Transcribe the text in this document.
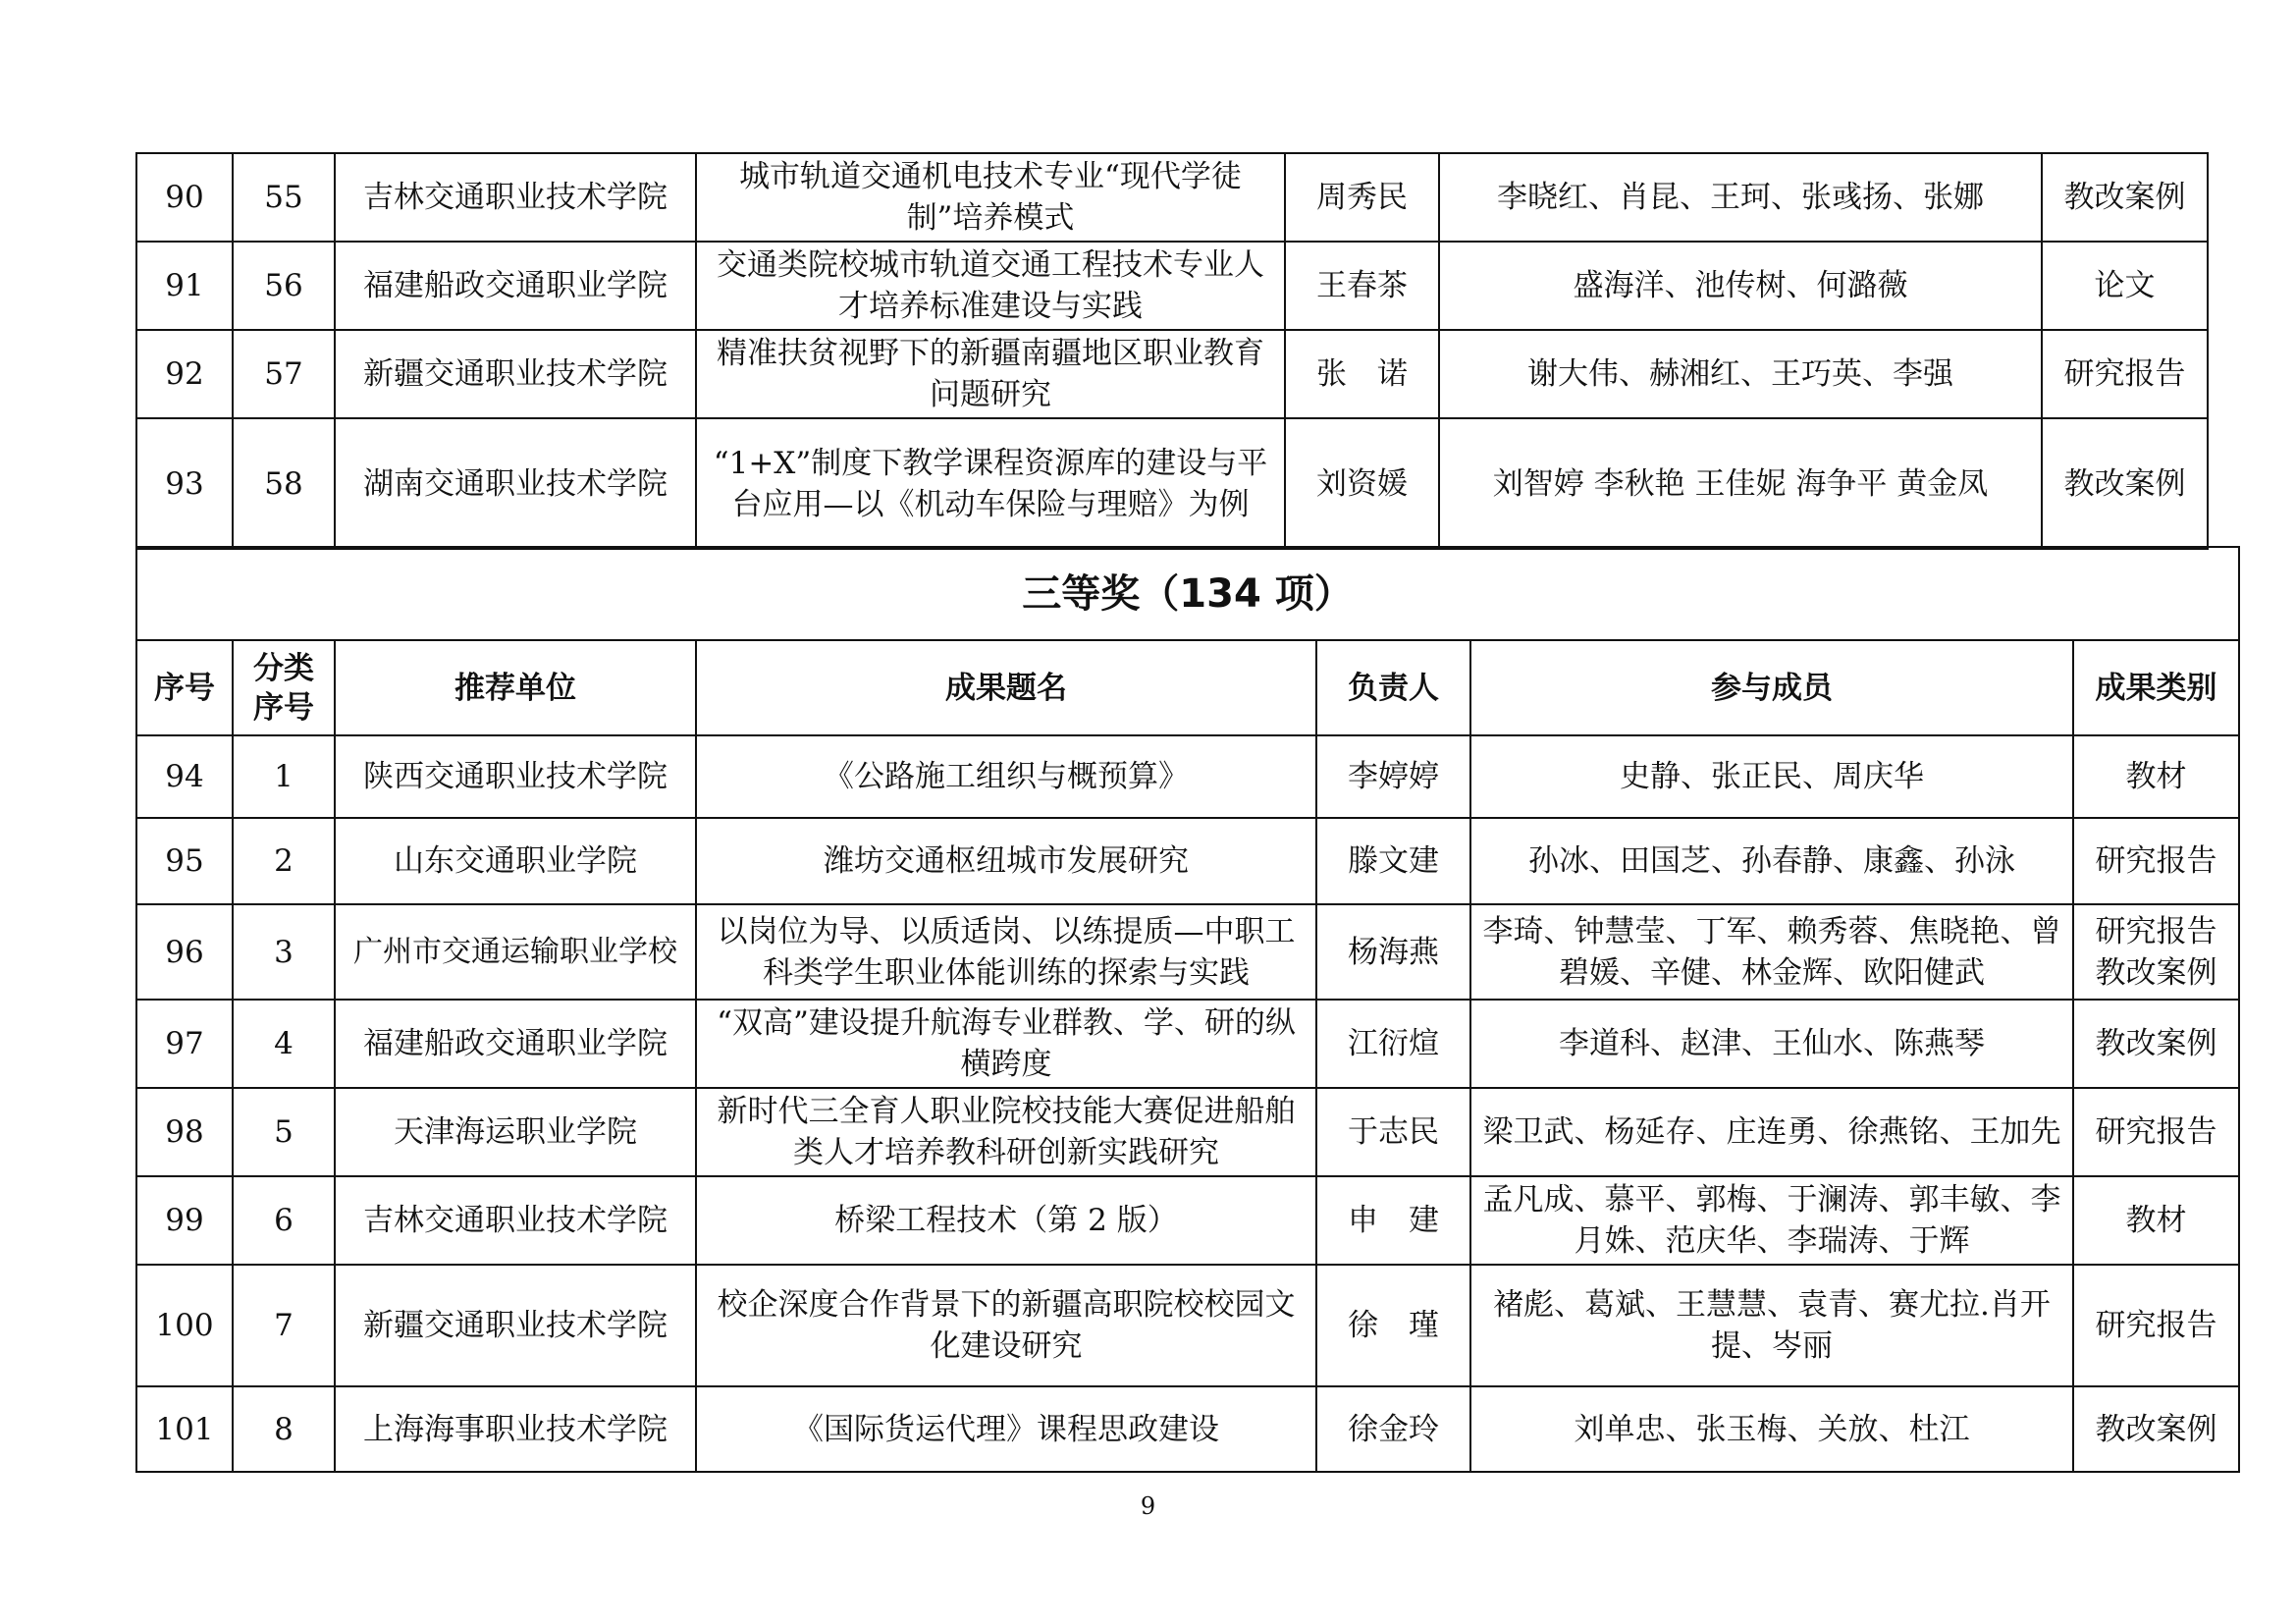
90	55	吉林交通职业技术学院	城市轨道交通机电技术专业“现代学徒制”培养模式	周秀民	李晓红、肖昆、王珂、张彧扬、张娜	教改案例
91	56	福建船政交通职业学院	交通类院校城市轨道交通工程技术专业人才培养标准建设与实践	王春茶	盛海洋、池传树、何潞薇	论文
92	57	新疆交通职业技术学院	精准扶贫视野下的新疆南疆地区职业教育问题研究	张　诺	谢大伟、赫湘红、王巧英、李强	研究报告
93	58	湖南交通职业技术学院	“1+X”制度下教学课程资源库的建设与平台应用—以《机动车保险与理赔》为例	刘资媛	刘智婷 李秋艳 王佳妮 海争平 黄金凤	教改案例
三等奖（134 项）						
序号	分类序号	推荐单位	成果题名	负责人	参与成员	成果类别
94	1	陕西交通职业技术学院	《公路施工组织与概预算》	李婷婷	史静、张正民、周庆华	教材
95	2	山东交通职业学院	潍坊交通枢纽城市发展研究	滕文建	孙冰、田国芝、孙春静、康鑫、孙泳	研究报告
96	3	广州市交通运输职业学校	以岗位为导、以质适岗、以练提质—中职工科类学生职业体能训练的探索与实践	杨海燕	李琦、钟慧莹、丁军、赖秀蓉、焦晓艳、曾碧媛、辛健、林金辉、欧阳健武	研究报告教改案例

97	4	福建船政交通职业学院	“双高”建设提升航海专业群教、学、研的纵横跨度	江衍煊	李道科、赵津、王仙水、陈燕琴	教改案例
98	5	天津海运职业学院	新时代三全育人职业院校技能大赛促进船舶类人才培养教科研创新实践研究	于志民	梁卫武、杨延存、庄连勇、徐燕铭、王加先	研究报告
99	6	吉林交通职业技术学院	桥梁工程技术（第 2 版）	申　建	孟凡成、慕平、郭梅、于澜涛、郭丰敏、李月姝、范庆华、李瑞涛、于辉	教材
100	7	新疆交通职业技术学院	校企深度合作背景下的新疆高职院校校园文化建设研究	徐　瑾	褚彪、葛斌、王慧慧、袁青、赛尤拉.肖开提、岑丽	研究报告
101	8	上海海事职业技术学院	《国际货运代理》课程思政建设	徐金玲	刘单忠、张玉梅、关放、杜江	教改案例
9
